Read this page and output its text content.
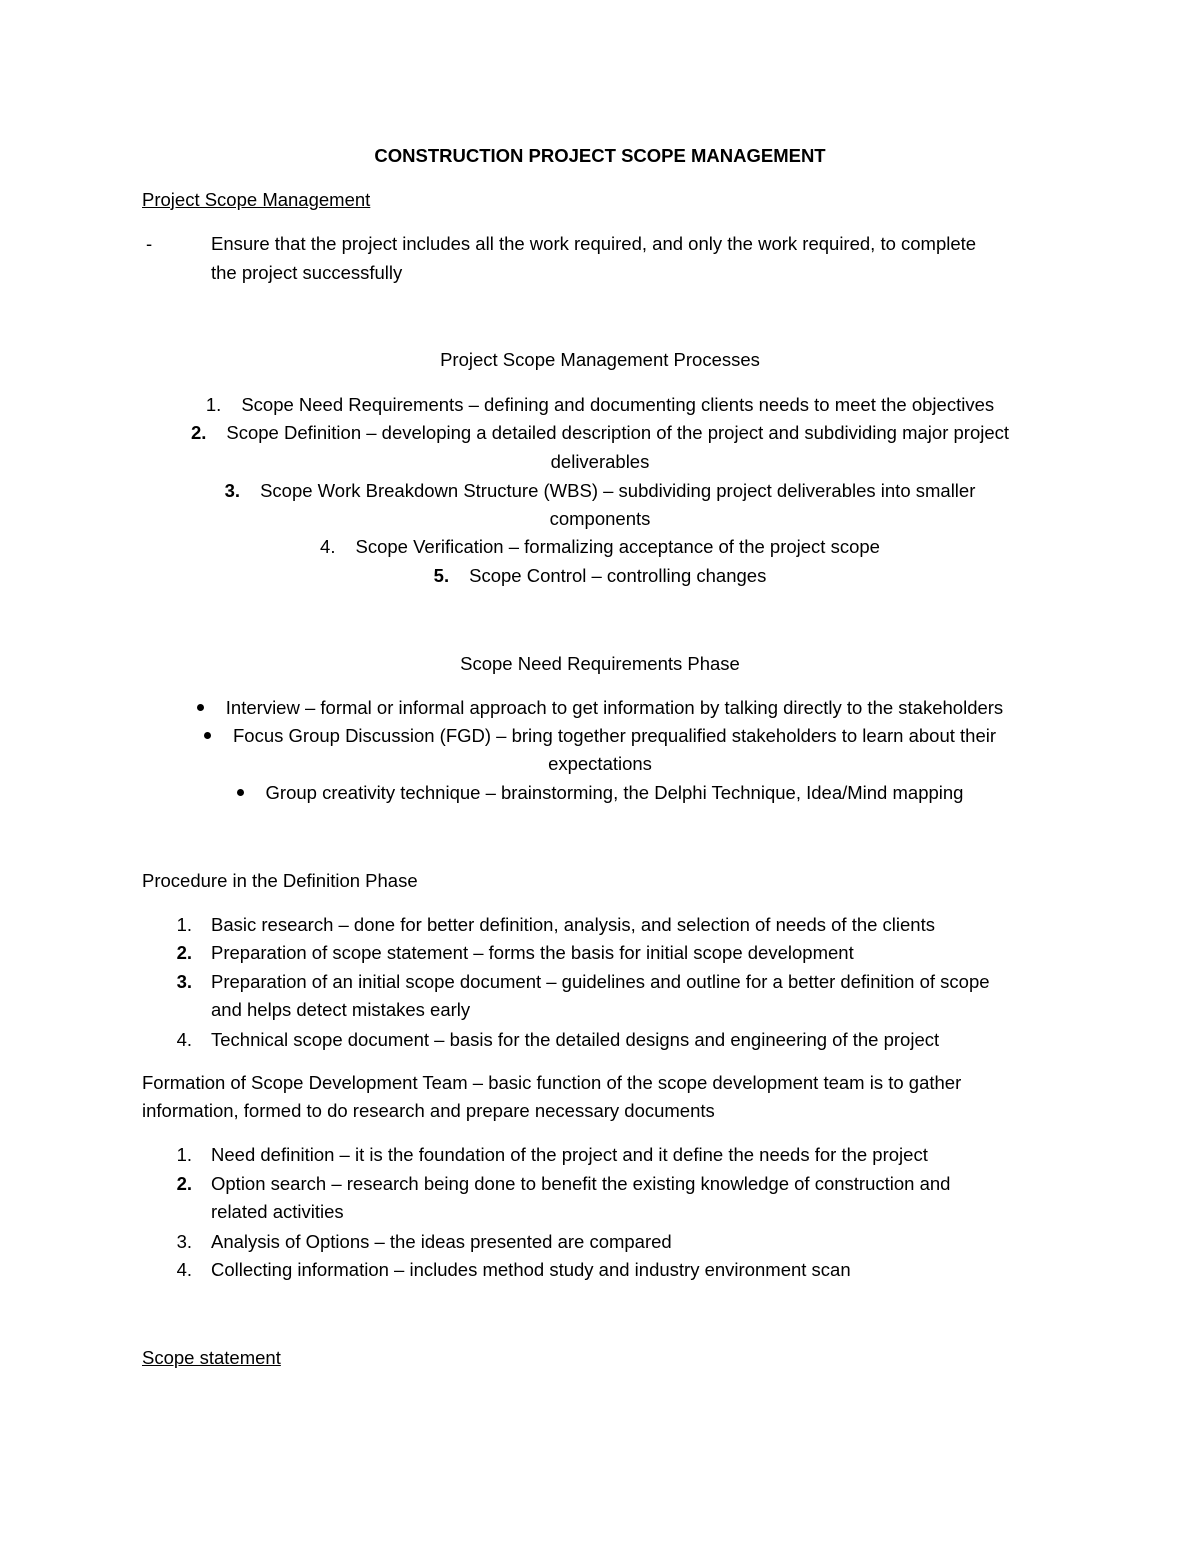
CONSTRUCTION PROJECT SCOPE MANAGEMENT
Project Scope Management
-	Ensure that the project includes all the work required, and only the work required, to complete
the project successfully
Project Scope Management Processes
1. Scope Need Requirements – defining and documenting clients needs to meet the objectives
2. Scope Definition – developing a detailed description of the project and subdividing major project
deliverables
3. Scope Work Breakdown Structure (WBS) – subdividing project deliverables into smaller
components
4. Scope Verification – formalizing acceptance of the project scope
5. Scope Control – controlling changes
Scope Need Requirements Phase
Interview – formal or informal approach to get information by talking directly to the stakeholders
Focus Group Discussion (FGD) – bring together prequalified stakeholders to learn about their
expectations
Group creativity technique – brainstorming, the Delphi Technique, Idea/Mind mapping
Procedure in the Definition Phase
1. Basic research – done for better definition, analysis, and selection of needs of the clients
2. Preparation of scope statement – forms the basis for initial scope development
3. Preparation of an initial scope document – guidelines and outline for a better definition of scope
and helps detect mistakes early
4. Technical scope document – basis for the detailed designs and engineering of the project
Formation of Scope Development Team – basic function of the scope development team is to gather
information, formed to do research and prepare necessary documents
1. Need definition – it is the foundation of the project and it define the needs for the project
2. Option search – research being done to benefit the existing knowledge of construction and
related activities
3. Analysis of Options – the ideas presented are compared
4. Collecting information – includes method study and industry environment scan
Scope statement
